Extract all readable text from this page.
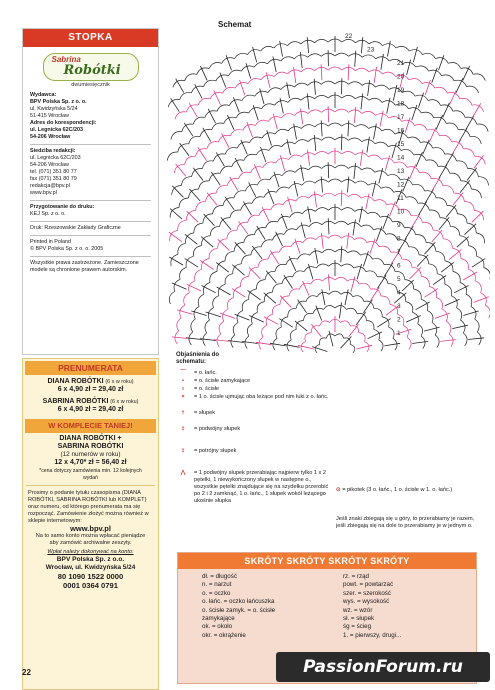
STOPKA
Sabrina
Robótki
dwumiesięcznik
Wydawca:
BPV Polska Sp. z o. o.
ul. Kwidzyńska 5/24
51-415 Wrocław
Adres do korespondencji:
ul. Legnicka 62C/203
54-206 Wrocław
Siedziba redakcji:
ul. Legnicka 62C/203
54-206 Wrocław
tel. (071) 351 80 77
fax (071) 351 80 79
redakcja@bpv.pl
www.bpv.pl
Przygotowanie do druku:
KEJ Sp. z o. o.
Druk: Rzeszowskie Zakłady Graficzne
Printed in Poland
© BPV Polska Sp. z o. o. 2005
Wszystkie prawa zastrzeżone. Zamieszczone modele są chronione prawem autorskim.
PRENUMERATA
DIANA ROBÓTKI (6 x w roku)
6 x 4,90 zł = 29,40 zł
SABRINA ROBÓTKI (6 x w roku)
6 x 4,90 zł = 29,40 zł
W KOMPLECIE TANIEJ!
DIANA ROBÓTKI +
SABRINA ROBÓTKI
(12 numerów w roku)
12 x 4,70* zł = 56,40 zł
*cena dotyczy zamówienia min. 12 kolejnych wydań
Prosimy o podanie tytułu czasopisma (DIANA ROBÓTKI, SABRINA ROBÓTKI lub KOMPLET) oraz numeru, od którego prenumerata ma się rozpocząć. Zamówienie złożyć można również w sklepie internetowym:
www.bpv.pl
Na to samo konto można wpłacać pieniądze aby zamówić archiwalne zeszyty.
Wpłat należy dokonywać na konto:
BPV Polska Sp. z o.o.
Wrocław, ul. Kwidzyńska 5/24
80 1090 1522 0000
0001 0364 0791
Schemat
22
23
21
20
19
18
17
16
15
14
13
12
11
10
9
8
7
6
5
4
3
2
1
Objaśnienia do schematu:
⌒	= o. łańc.
•	= o. ścisłe zamykające
ı	= o. ścisłe
×	= 1 o. ścisłe ujmując oba leżące pod nim łuki z o. łańc.
†	= słupek
‡	= podwójny słupek
‡	= potrójny słupek
⋀	= 1 podwójny słupek przerabiając najpierw tylko 1 x 2 pętelki, 1 niewykończony słupek w następne o., wszystkie pętelki znajdujące się na szydełku przerobić po 2 i 2 zamknąć, 1 o. łańc., 1 słupek wokół leżącego ukośnie słupka
⊙ = pikotek (3 o. łańc., 1 o. ścisłe w 1. o. łańc.)
Jeśli znaki zbiegają się u góry, to przerabiamy je razem, jeśli zbiegają się na dole to przerabiamy je w jednym o.
SKRÓTY SKRÓTY SKRÓTY SKRÓTY
dł. = długość
n. = narzut
o. = oczko
o. łańc. = oczko łańcuszka
o. ścisłe zamyk. = o. ścisłe
zamykające
ok. = około
okr. = okrążenie
rz. = rząd
powt. = powtarzać
szer. = szerokość
wys. = wysokość
wz. = wzór
sł. = słupek
śg = ścieg
1. = pierwszy, drugi...
22	PassionForum.ru
